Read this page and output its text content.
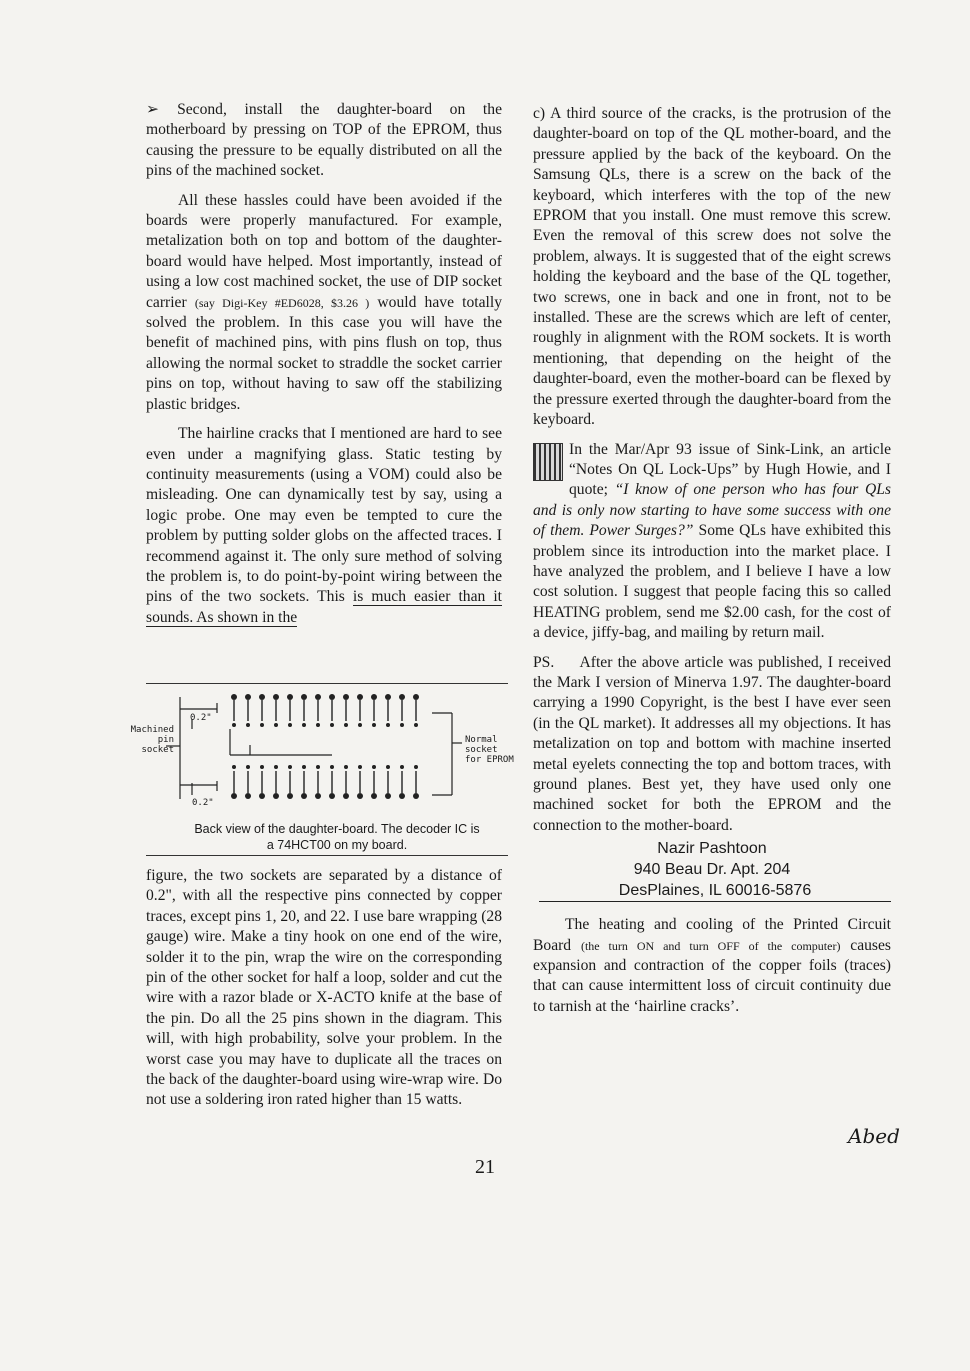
➢ Second, install the daughter-board on the motherboard by pressing on TOP of the EPROM, thus causing the pressure to be equally distributed on all the pins of the machined socket.

All these hassles could have been avoided if the boards were properly manufactured. For example, metalization both on top and bottom of the daughter-board would have helped. Most importantly, instead of using a low cost machined socket, the use of DIP socket carrier (say Digi-Key #ED6028, $3.26 ) would have totally solved the problem. In this case you will have the benefit of machined pins, with pins flush on top, thus allowing the normal socket to straddle the socket carrier pins on top, without having to saw off the stabilizing plastic bridges.

The hairline cracks that I mentioned are hard to see even under a magnifying glass. Static testing by continuity measurements (using a VOM) could also be misleading. One can dynamically test by say, using a logic probe. One may even be tempted to cure the problem by putting solder globs on the affected traces. I recommend against it. The only sure method of solving the problem is, to do point-by-point wiring between the pins of the two sockets. This is much easier than it sounds. As shown in the

Machined
pin
socket
Normal
socket
for EPROM
0.2"
0.2"
Back view of the daughter-board. The decoder IC is
a 74HCT00 on my board.

figure, the two sockets are separated by a distance of 0.2", with all the respective pins connected by copper traces, except pins 1, 20, and 22. I use bare wrapping (28 gauge) wire. Make a tiny hook on one end of the wire, solder it to the pin, wrap the wire on the corresponding pin of the other socket for half a loop, solder and cut the wire with a razor blade or X-ACTO knife at the base of the pin. Do all the 25 pins shown in the diagram. This will, with high probability, solve your problem. In the worst case you may have to duplicate all the traces on the back of the daughter-board using wire-wrap wire. Do not use a soldering iron rated higher than 15 watts.

c) A third source of the cracks, is the protrusion of the daughter-board on top of the QL mother-board, and the pressure applied by the back of the keyboard. On the Samsung QLs, there is a screw on the back of the keyboard, which interferes with the top of the new EPROM that you install. One must remove this screw. Even the removal of this screw does not solve the problem, always. It is suggested that of the eight screws holding the keyboard and the base of the QL together, two screws, one in back and one in front, not to be installed. These are the screws which are left of center, roughly in alignment with the ROM sockets. It is worth mentioning, that depending on the height of the daughter-board, even the mother-board can be flexed by the pressure exerted through the daughter-board from the keyboard.

In the Mar/Apr 93 issue of Sink-Link, an article “Notes On QL Lock-Ups” by Hugh Howie, and I quote; “I know of one person who has four QLs and is only now starting to have some success with one of them. Power Surges?” Some QLs have exhibited this problem since its introduction into the market place. I have analyzed the problem, and I believe I have a low cost solution. I suggest that people facing this so called HEATING problem, send me $2.00 cash, for the cost of a device, jiffy-bag, and mailing by return mail.

PS. After the above article was published, I received the Mark I version of Minerva 1.97. The daughter-board carrying a 1990 Copyright, is the best I have ever seen (in the QL market). It addresses all my objections. It has metalization on top and bottom with machine inserted metal eyelets connecting the top and bottom traces, with ground planes. Best yet, they have used only one machined socket for both the EPROM and the connection to the mother-board.

Nazir Pashtoon
940 Beau Dr. Apt. 204
DesPlaines, IL 60016-5876

The heating and cooling of the Printed Circuit Board (the turn ON and turn OFF of the computer) causes expansion and contraction of the copper foils (traces) that can cause intermittent loss of circuit continuity due to tarnish at the ‘hairline cracks’.

Abed
21
